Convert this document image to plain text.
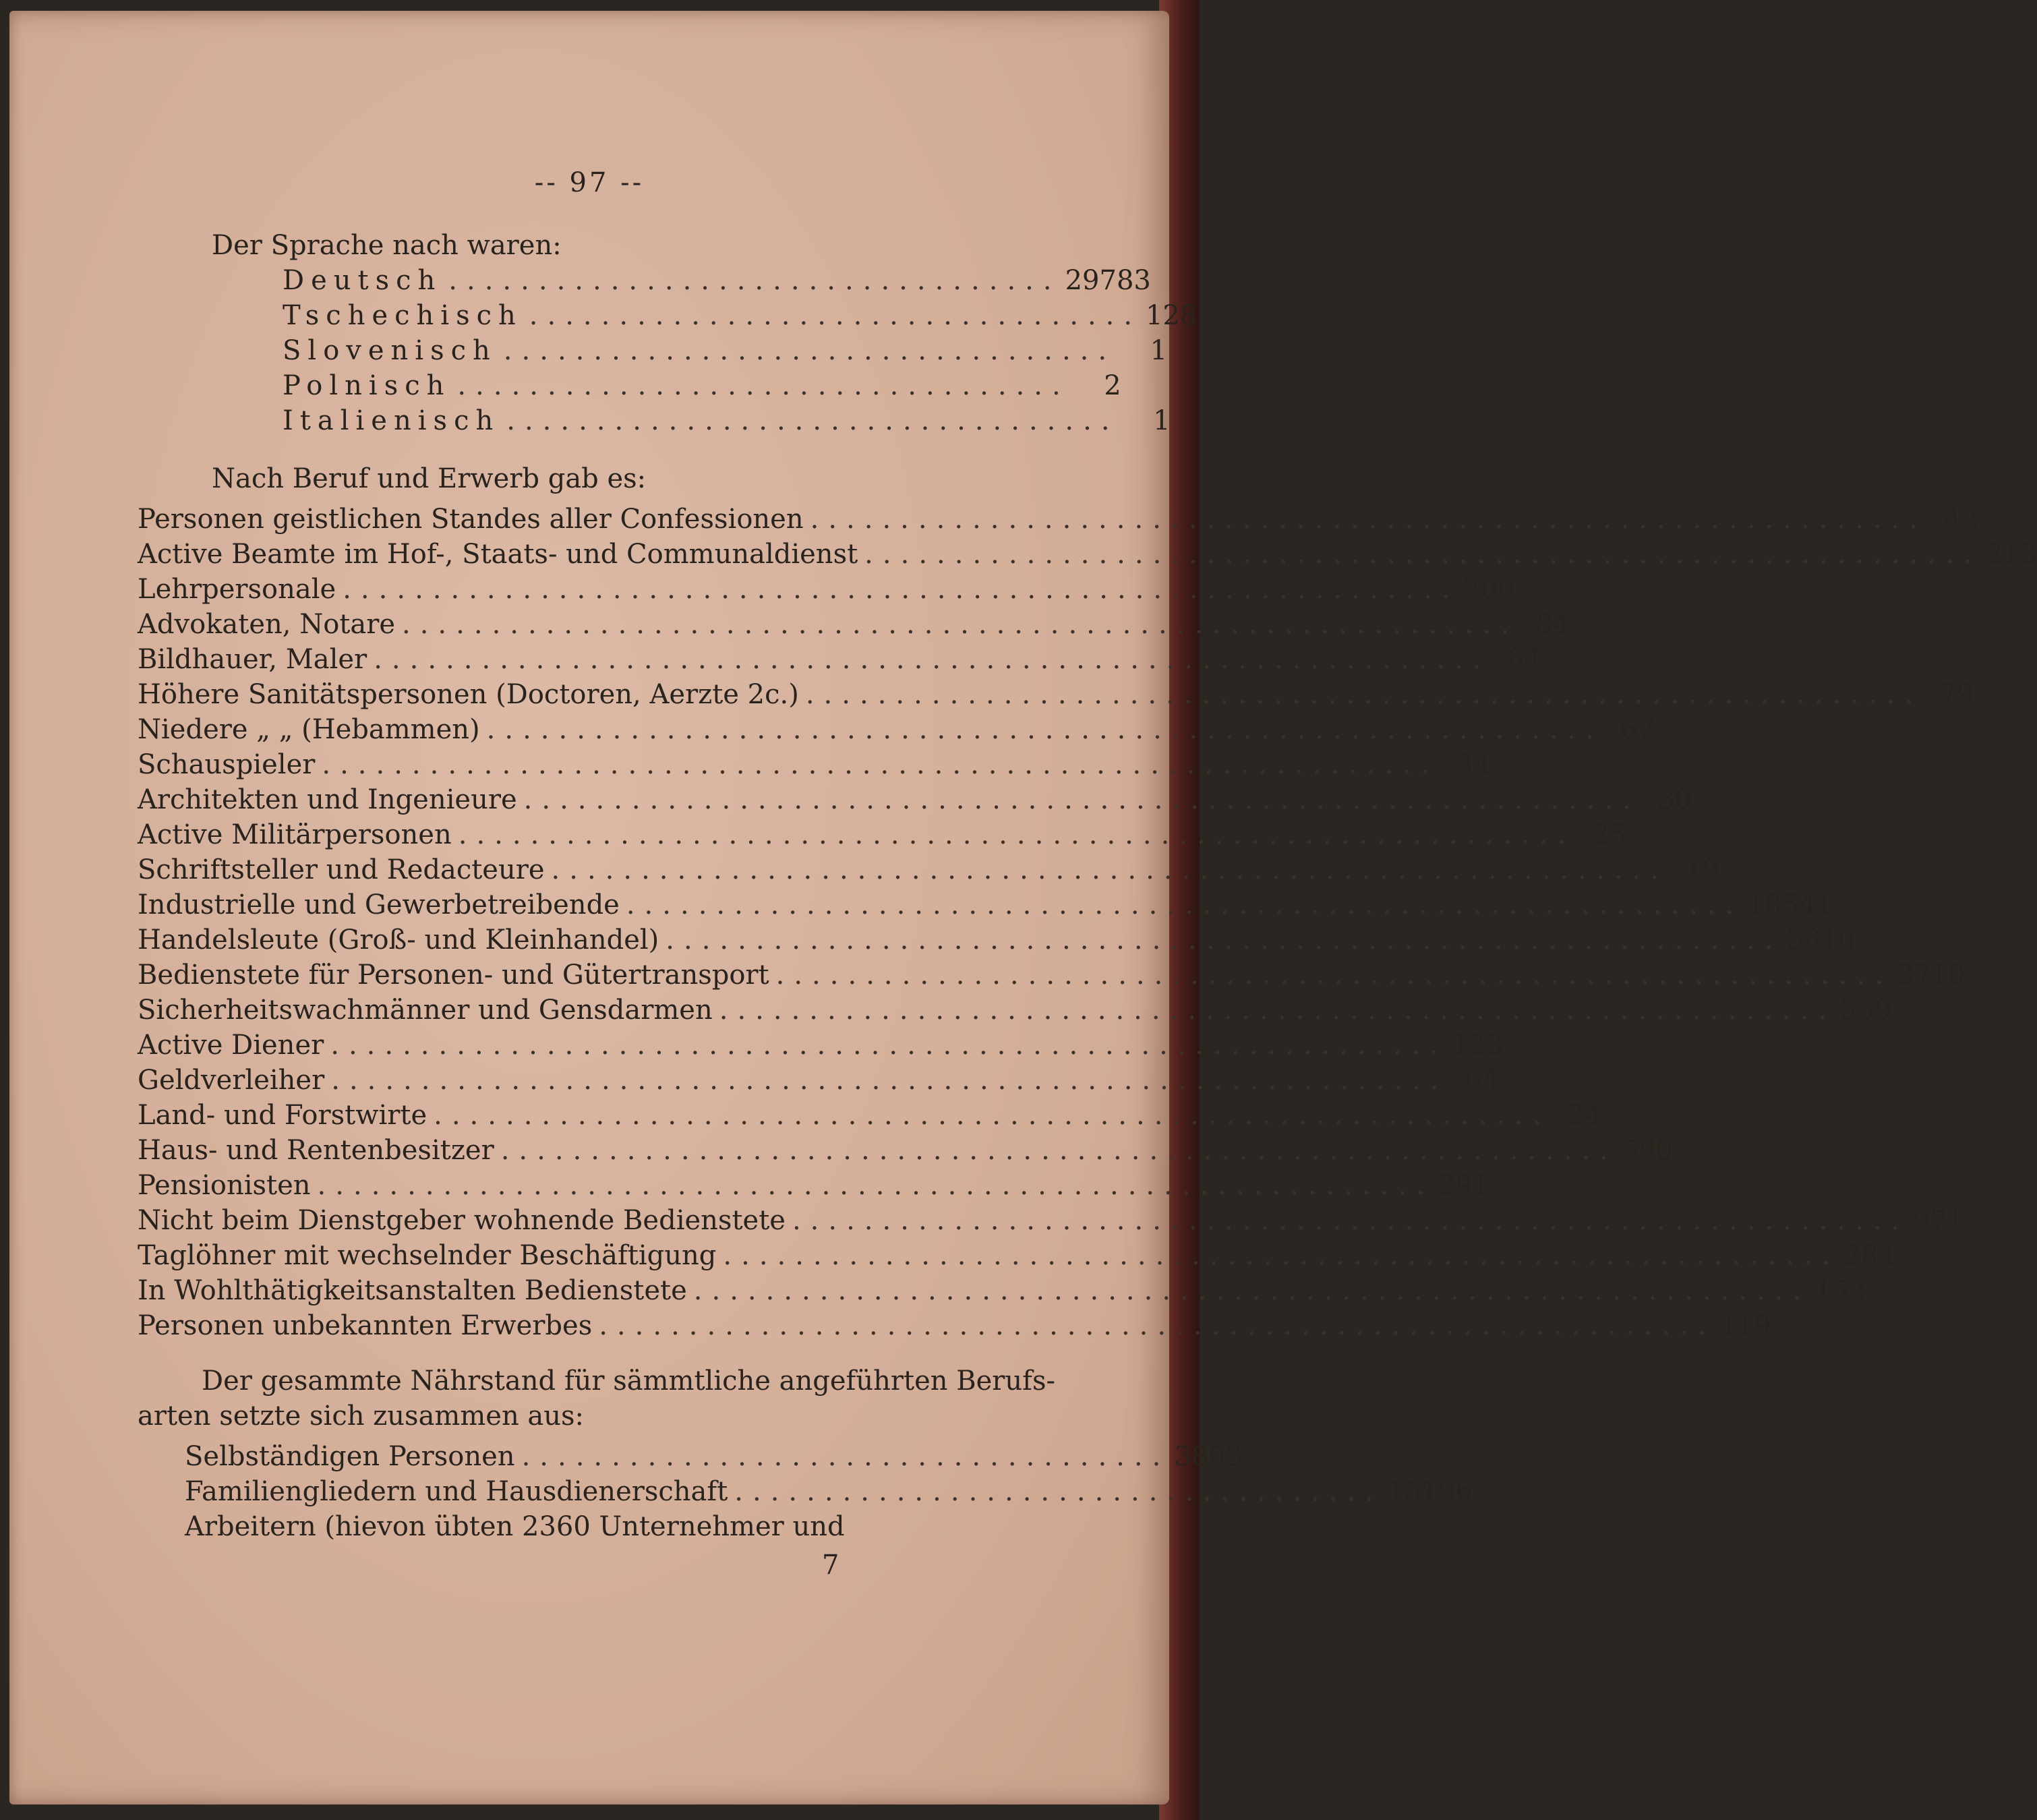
-- 97 --
Der Sprache nach waren:
Deutsch .................................. 29783
Tschechisch .................................. 128
Slovenisch ..................................	1
Polnisch ..................................	2
Italienisch ..................................	1
Nach Beruf und Erwerb gab es:
Personen geistlichen Standes aller Confessionen .............................................................. 42
Active Beamte im Hof-, Staats- und Communaldienst .............................................................. 213
Lehrpersonale .............................................................. 200
Advokaten, Notare .............................................................. 84
Bildhauer, Maler .............................................................. 84
Höhere Sanitätspersonen (Doctoren, Aerzte 2c.) .............................................................. 79
Niedere „ „ (Hebammen) .............................................................. 67
Schauspieler .............................................................. 34
Architekten und Ingenieure .............................................................. 30
Active Militärpersonen .............................................................. 25
Schriftsteller und Redacteure .............................................................. 19
Industrielle und Gewerbetreibende .............................................................. 18541
Handelsleute (Groß- und Kleinhandel) .............................................................. 3810
Bedienstete für Personen- und Gütertransport .............................................................. 3710
Sicherheitswachmänner und Gensdarmen .............................................................. 359
Active Diener .............................................................. 123
Geldverleiher .............................................................. 64
Land- und Forstwirte .............................................................. 24
Haus- und Rentenbesitzer .............................................................. 590
Pensionisten .............................................................. 291
Nicht beim Dienstgeber wohnende Bedienstete .............................................................. 971
Taglöhner mit wechselnder Beschäftigung .............................................................. 284
In Wohlthätigkeitsanstalten Bedienstete .............................................................. 152
Personen unbekannten Erwerbes .............................................................. 119
Der gesammte Nährstand für sämmtliche angeführten Berufs-
arten setzte sich zusammen aus:
Selbständigen Personen .................................... 3803
Familiengliedern und Hausdienerschaft .................................... 15196
Arbeitern (hievon übten 2360 Unternehmer und
7
